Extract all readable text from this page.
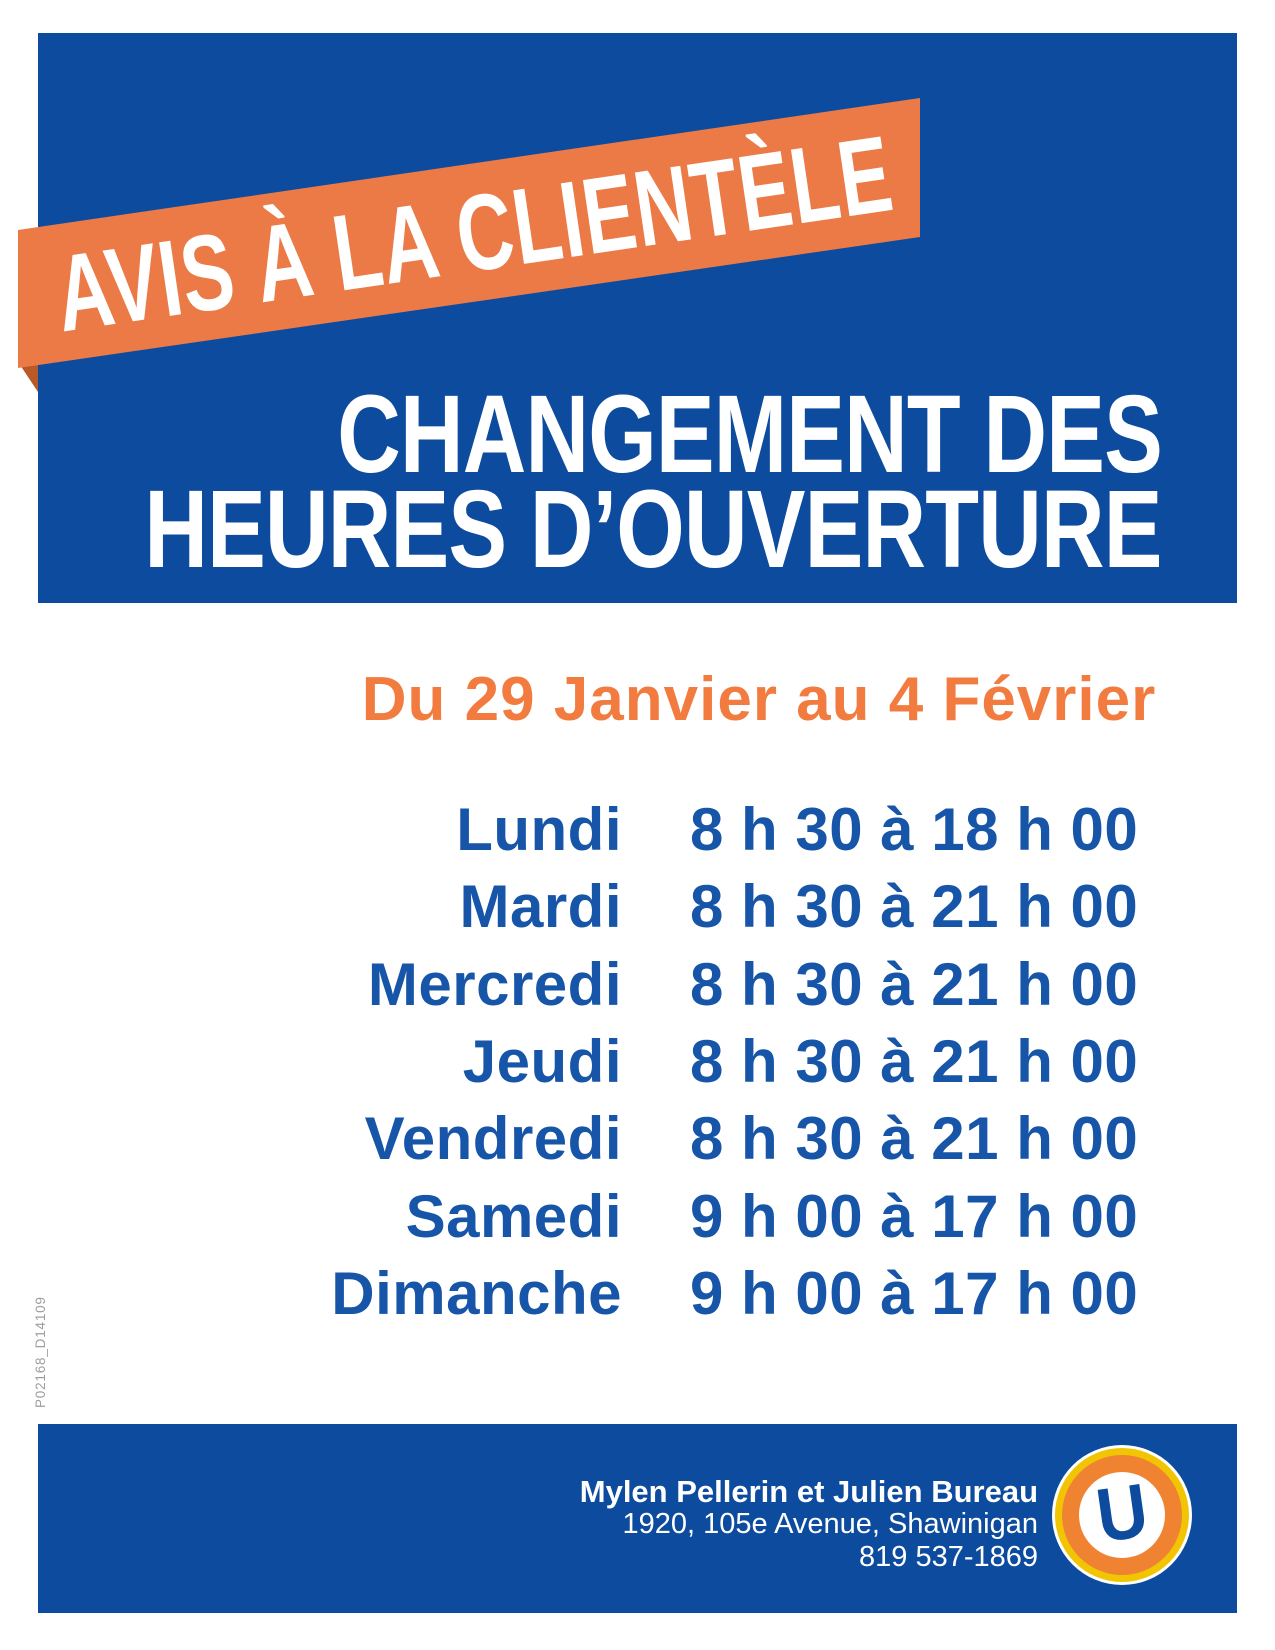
AVIS À LA CLIENTÈLE
CHANGEMENT DES
HEURES D’OUVERTURE
Du 29 Janvier au 4 Février
Lundi 8 h 30 à 18 h 00
Mardi 8 h 30 à 21 h 00
Mercredi 8 h 30 à 21 h 00
Jeudi 8 h 30 à 21 h 00
Vendredi 8 h 30 à 21 h 00
Samedi 9 h 00 à 17 h 00
Dimanche 9 h 00 à 17 h 00
P02168_D14109
Mylen Pellerin et Julien Bureau
1920, 105e Avenue, Shawinigan
819 537-1869 U
